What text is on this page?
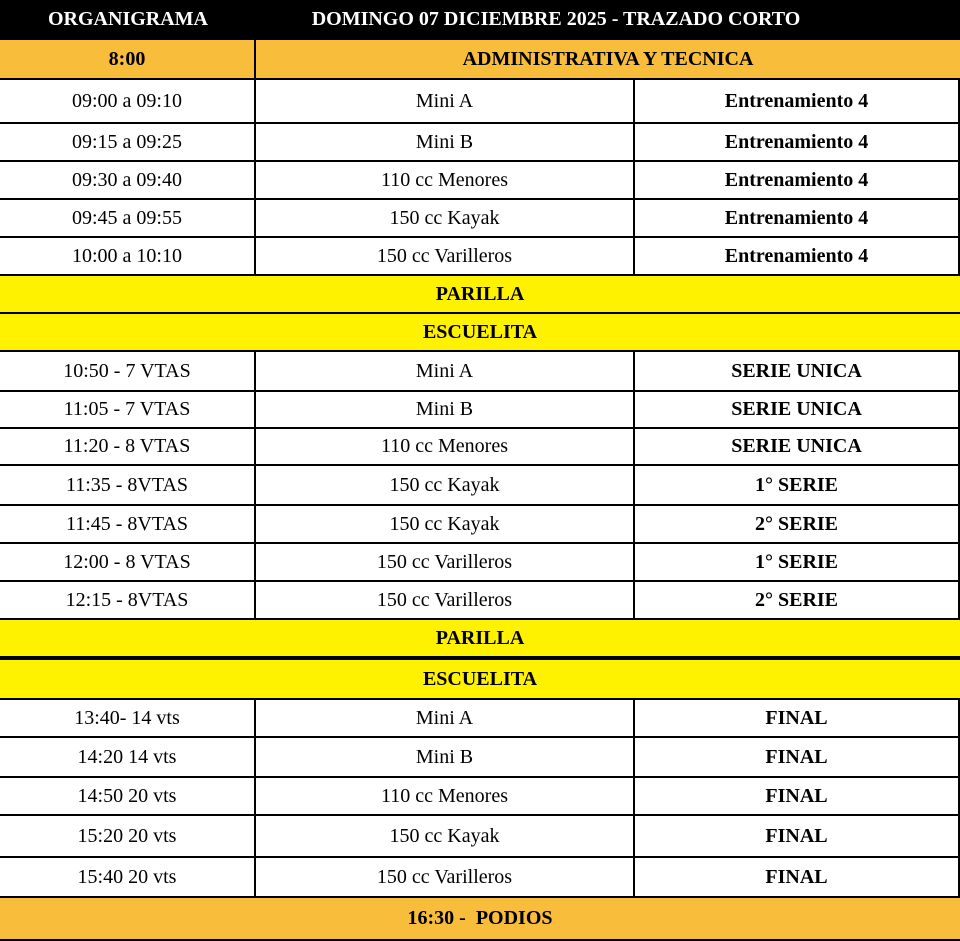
ORGANIGRAMA	DOMINGO 07 DICIEMBRE 2025 - TRAZADO CORTO
8:00	ADMINISTRATIVA Y TECNICA
09:00 a 09:10	Mini A	Entrenamiento 4
09:15 a 09:25	Mini B	Entrenamiento 4
09:30 a 09:40	110 cc Menores	Entrenamiento 4
09:45 a 09:55	150 cc Kayak	Entrenamiento 4
10:00 a 10:10	150 cc Varilleros	Entrenamiento 4
PARILLA
ESCUELITA
10:50 - 7 VTAS	Mini A	SERIE UNICA
11:05 - 7 VTAS	Mini B	SERIE UNICA
11:20 - 8 VTAS	110 cc Menores	SERIE UNICA
11:35 - 8VTAS	150 cc Kayak	1° SERIE
11:45 - 8VTAS	150 cc Kayak	2° SERIE
12:00 - 8 VTAS	150 cc Varilleros	1° SERIE
12:15 - 8VTAS	150 cc Varilleros	2° SERIE
PARILLA
ESCUELITA
13:40- 14 vts	Mini A	FINAL
14:20 14 vts	Mini B	FINAL
14:50 20 vts	110 cc Menores	FINAL
15:20 20 vts	150 cc Kayak	FINAL
15:40 20 vts	150 cc Varilleros	FINAL
16:30 -  PODIOS
